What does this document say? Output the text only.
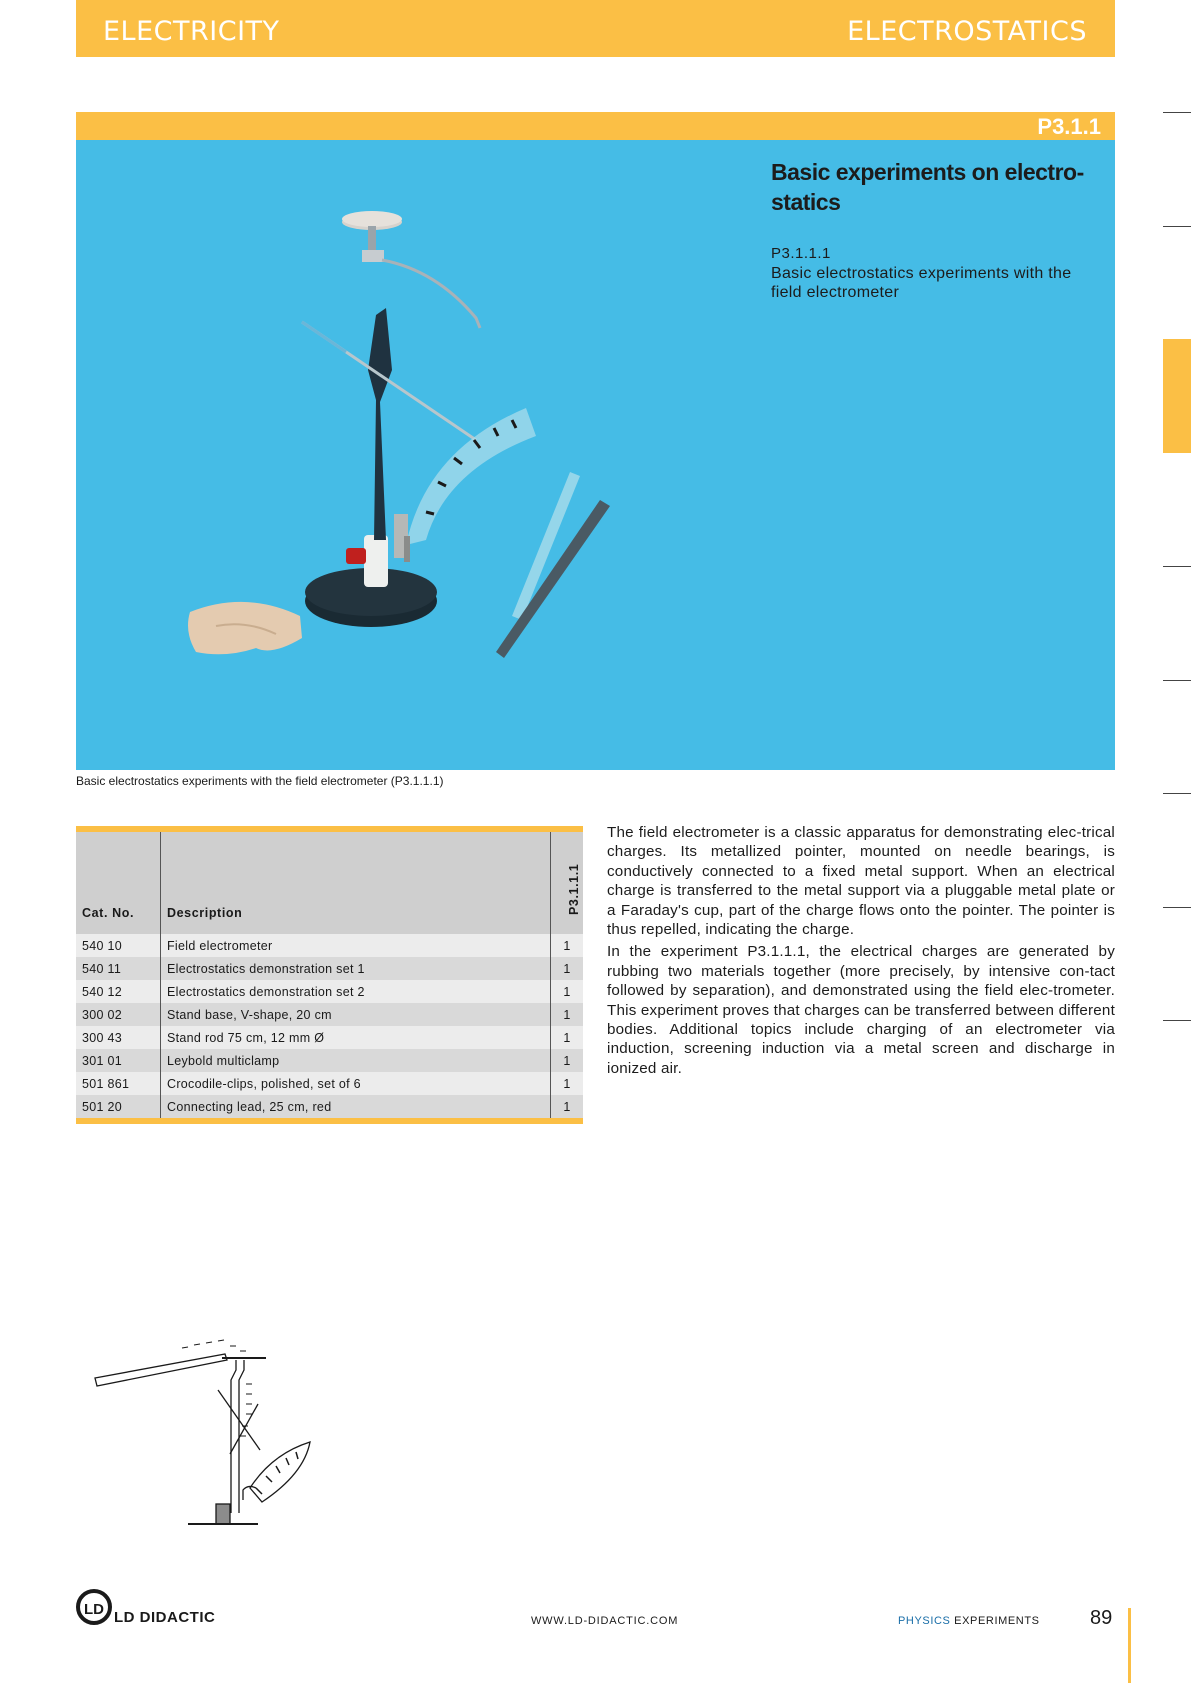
ELECTRICITY	ELECTROSTATICS
P3.1.1
Basic experiments on electro-statics
P3.1.1.1
Basic electrostatics experiments with the field electrometer
Basic electrostatics experiments with the field electrometer (P3.1.1.1)

Cat. No.	Description	P3.1.1.1

540 10	Field electrometer	1
540 11	Electrostatics demonstration set 1	1
540 12	Electrostatics demonstration set 2	1
300 02	Stand base, V-shape, 20 cm	1
300 43	Stand rod 75 cm, 12 mm Ø	1
301 01	Leybold multiclamp	1
501 861	Crocodile-clips, polished, set of 6	1
501 20	Connecting lead, 25 cm, red	1

The field electrometer is a classic apparatus for demonstrating elec-trical charges. Its metallized pointer, mounted on needle bearings, is conductively connected to a fixed metal support. When an electrical charge is transferred to the metal support via a pluggable metal plate or a Faraday's cup, part of the charge flows onto the pointer. The pointer is thus repelled, indicating the charge.

In the experiment P3.1.1.1, the electrical charges are generated by rubbing two materials together (more precisely, by intensive con-tact followed by separation), and demonstrated using the field elec-trometer. This experiment proves that charges can be transferred between different bodies. Additional topics include charging of an electrometer via induction, screening induction via a metal screen and discharge in ionized air.

LD LD DIDACTIC	WWW.LD-DIDACTIC.COM	PHYSICS EXPERIMENTS	89
